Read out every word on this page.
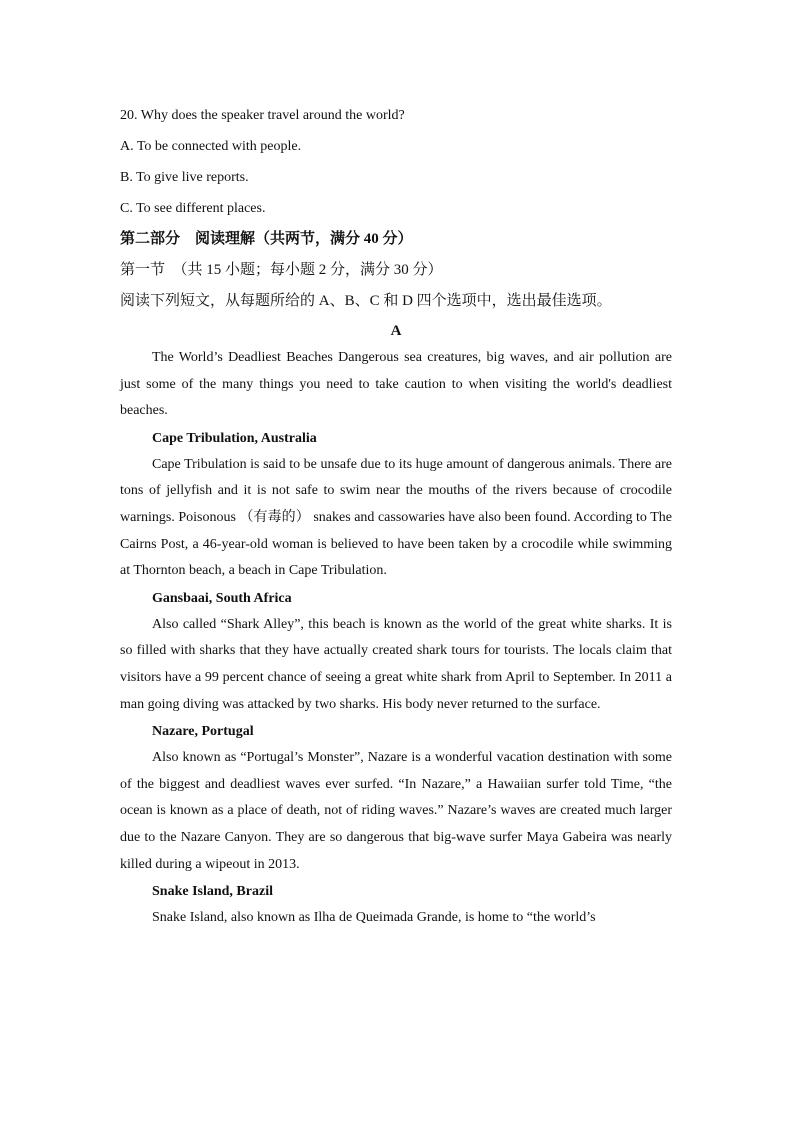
20. Why does the speaker travel around the world?
A. To be connected with people.
B. To give live reports.
C. To see different places.
第二部分　阅读理解（共两节，满分 40 分）
第一节　（共 15 小题；每小题 2 分，满分 30 分）
阅读下列短文，从每题所给的 A、B、C 和 D 四个选项中，选出最佳选项。
A

The World’s Deadliest Beaches Dangerous sea creatures, big waves, and air pollution are just some of the many things you need to take caution to when visiting the world's deadliest beaches.

Cape Tribulation, Australia

Cape Tribulation is said to be unsafe due to its huge amount of dangerous animals. There are tons of jellyfish and it is not safe to swim near the mouths of the rivers because of crocodile warnings. Poisonous （有毒的） snakes and cassowaries have also been found. According to The Cairns Post, a 46-year-old woman is believed to have been taken by a crocodile while swimming at Thornton beach, a beach in Cape Tribulation.

Gansbaai, South Africa

Also called “Shark Alley”, this beach is known as the world of the great white sharks. It is so filled with sharks that they have actually created shark tours for tourists. The locals claim that visitors have a 99 percent chance of seeing a great white shark from April to September. In 2011 a man going diving was attacked by two sharks. His body never returned to the surface.

Nazare, Portugal

Also known as “Portugal’s Monster”, Nazare is a wonderful vacation destination with some of the biggest and deadliest waves ever surfed. “In Nazare,” a Hawaiian surfer told Time, “the ocean is known as a place of death, not of riding waves.” Nazare’s waves are created much larger due to the Nazare Canyon. They are so dangerous that big-wave surfer Maya Gabeira was nearly killed during a wipeout in 2013.

Snake Island, Brazil

Snake Island, also known as Ilha de Queimada Grande, is home to “the world’s
